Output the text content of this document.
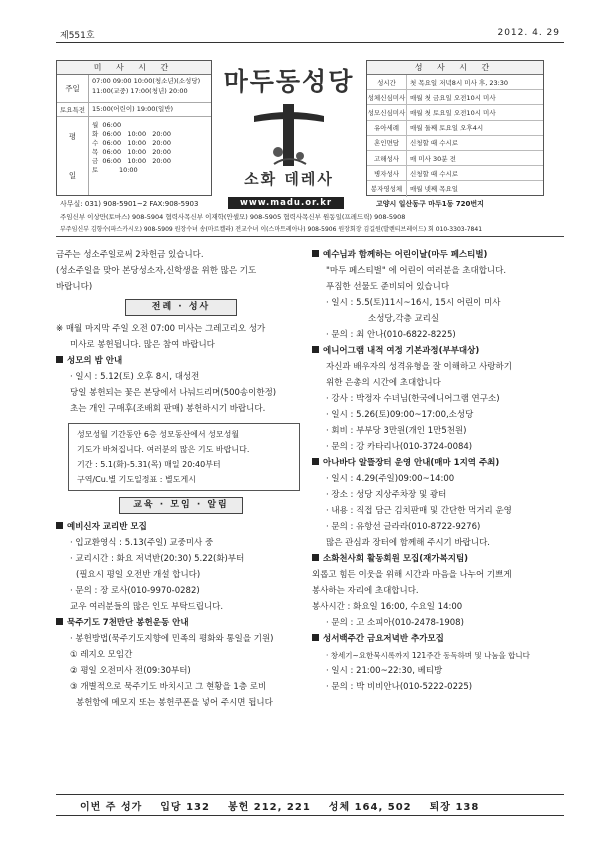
제551호	2012. 4. 29
미 사 시 간
주일
07:00 09:00 10:00(청소년)(소성당)
11:00(교중) 17:00(청년) 20:00
토요특전	15:00(어린이) 19:00(일반)
평
일
월  06:00
화  06:00   10:00   20:00
수  06:00   10:00   20:00
목  06:00   10:00   20:00
금  06:00   10:00   20:00
토          10:00
마두동성당
소화 데레사
성 사 시 간
성시간	첫 목요일 저녁8시 미사 후, 23:30
성체신심미사 매월 첫 금요일 오전10시 미사
성모신심미사 매월 첫 토요일 오전10시 미사
유아세례	매월 둘째 토요일 오후4시
혼인면담	신청할 때 수시로
고해성사	매 미사 30분 전
병자성사	신청할 때 수시로
봉자영성체	매월 넷째 목요일
사무실: 031) 908-5901~2 FAX:908-5903	www.madu.or.kr	고양시 일산동구 마두1동 720번지
주임신부 이상만(토마스) 908-5904 협력사목신부 이재학(안셀모) 908-5905 협력사목신부 원동일(프레드릭) 908-5908
부주임신부 김항수(파스카시오) 908-5909 원장수녀 송(마르켈라) 전교수녀 이(스마트레아나) 908-5906 원장회장 김길원(발렌티브레이드) 회 010-3303-7841
금주는 성소주일로써 2차헌금 있습니다.
(성소주일을 맞아 본당성소자,신학생을 위한 많은 기도
바랍니다)
전례 · 성사
※ 매월 마지막 주일 오전 07:00 미사는 그레고리오 성가
미사로 봉헌됩니다. 많은 참여 바랍니다
성모의 밤 안내
· 일시 : 5.12(토) 오후 8시, 대성전
당일 봉헌되는 꽃은 본당에서 나눠드리며(500송이한정)
초는 개인 구매후(조배회 판매) 봉헌하시기 바랍니다.
성모성월 기간동안 6층 성모동산에서 성모성월
기도가 바쳐집니다. 여러분의 많은 기도 바랍니다.
기간 : 5.1(화)-5.31(목) 매일 20:40부터
구역/Cu.별 기도일정표 : 별도게시
교육 · 모임 · 알림
예비신자 교리반 모집
· 입교환영식 : 5.13(주일) 교중미사 중
· 교리시간 : 화요 저녁반(20:30) 5.22(화)부터
(필요시 평일 오전반 개설 합니다)
· 문의 : 장 로사(010-9970-0282)
교우 여러분들의 많은 인도 부탁드립니다.
묵주기도 7천만단 봉헌운동 안내
· 봉헌방법(묵주기도지향에 민족의 평화와 통일을 기원)
① 레지오 모임간
② 평일 오전미사 전(09:30부터)
③ 개별적으로 묵주기도 바치시고 그 현황을 1층 로비
봉헌함에 메모지 또는 봉헌쿠폰을 넣어 주시면 됩니다
예수님과 함께하는 어린이날(마두 페스티벌)
"마두 페스티벌" 에 어린이 여러분을 초대합니다.
푸짐한 선물도 준비되어 있습니다
· 일시 : 5.5(토)11시~16시, 15시 어린이 미사
소성당,각층 교리실
· 문의 : 최 안나(010-6822-8225)
에니어그램 내적 여정 기본과정(부부대상)
자신과 배우자의 성격유형을 잘 이해하고 사랑하기
위한 은총의 시간에 초대합니다
· 강사 : 박정자 수녀님(한국에니어그램 연구소)
· 일시 : 5.26(토)09:00~17:00,소성당
· 회비 : 부부당 3만원(개인 1만5천원)
· 문의 : 강 카타리나(010-3724-0084)
아나바다 알뜰장터 운영 안내(매마 1지역 주최)
· 일시 : 4.29(주일)09:00~14:00
· 장소 : 성당 지상주차장 및 광터
· 내용 : 직접 담근 김치판매 및 간단한 먹거리 운영
· 문의 : 유항선 글라라(010-8722-9276)
많은 관심과 장터에 함께해 주시기 바랍니다.
소화천사회 활동회원 모집(재가복지팀)
외롭고 힘든 이웃을 위해 시간과 마음을 나누어 기쁘게
봉사하는 자리에 초대합니다.
봉사시간 : 화요일 16:00, 수요일 14:00
· 문의 : 고 소피아(010-2478-1908)
성서백주간 금요저녁반 추가모집
· 창세기~요한묵시록까지 121주간 동독하며 및 나눔을 합니다
· 일시 : 21:00~22:30, 베티방
· 문의 : 박 비비안나(010-5222-0225)
이번 주 성가 입당 132 봉헌 212, 221 성체 164, 502 퇴장 138
